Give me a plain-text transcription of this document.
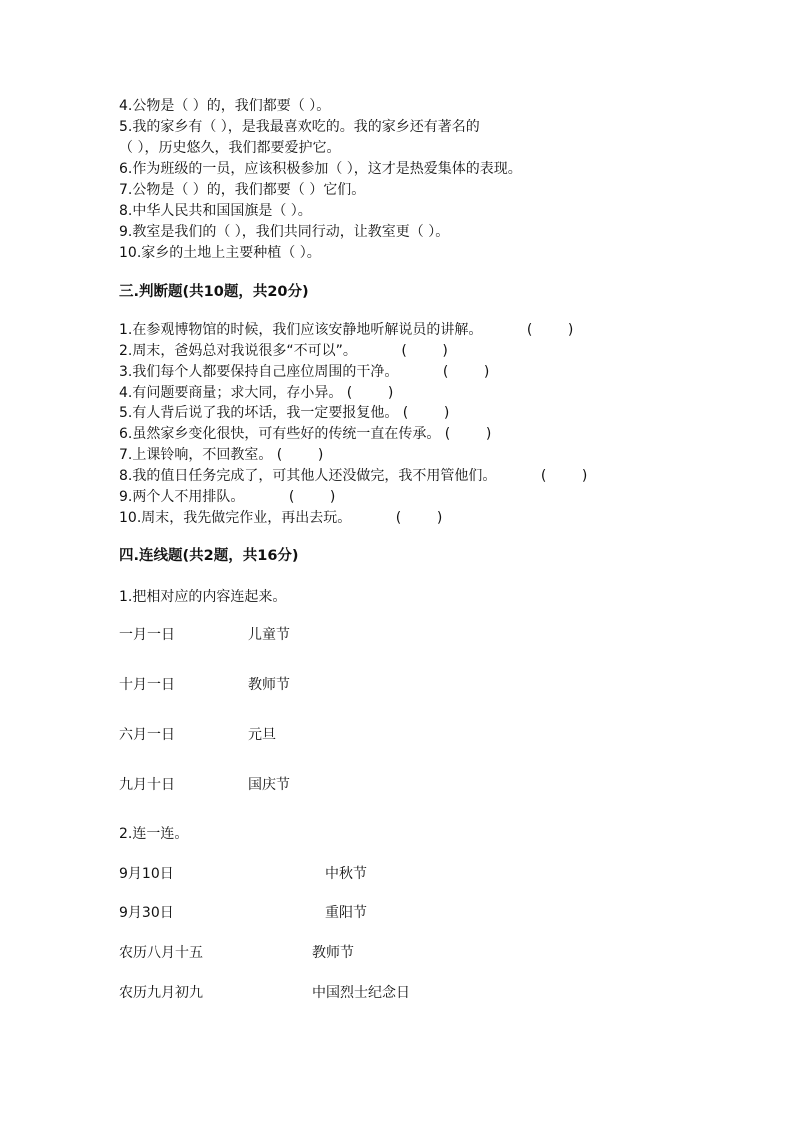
4.公物是（ ）的，我们都要（ ）。
5.我的家乡有（ ），是我最喜欢吃的。我的家乡还有著名的
（ ），历史悠久，我们都要爱护它。
6.作为班级的一员，应该积极参加（ ），这才是热爱集体的表现。
7.公物是（ ）的，我们都要（ ）它们。
8.中华人民共和国国旗是（ ）。
9.教室是我们的（ ），我们共同行动，让教室更（ ）。
10.家乡的土地上主要种植（ ）。
三.判断题(共10题，共20分)
1.在参观博物馆的时候，我们应该安静地听解说员的讲解。          (        )
2.周末，爸妈总对我说很多“不可以”。          (        )
3.我们每个人都要保持自己座位周围的干净。          (        )
4.有问题要商量；求大同，存小异。 (        )
5.有人背后说了我的坏话，我一定要报复他。 (        )
6.虽然家乡变化很快，可有些好的传统一直在传承。 (        )
7.上课铃响，不回教室。 (        )
8.我的值日任务完成了，可其他人还没做完，我不用管他们。          (        )
9.两个人不用排队。          (        )
10.周末，我先做完作业，再出去玩。          (        )
四.连线题(共2题，共16分)
1.把相对应的内容连起来。
一月一日	儿童节
十月一日	教师节
六月一日	元旦
九月十日	国庆节
2.连一连。
9月10日	中秋节
9月30日	重阳节
农历八月十五	教师节
农历九月初九	中国烈士纪念日
